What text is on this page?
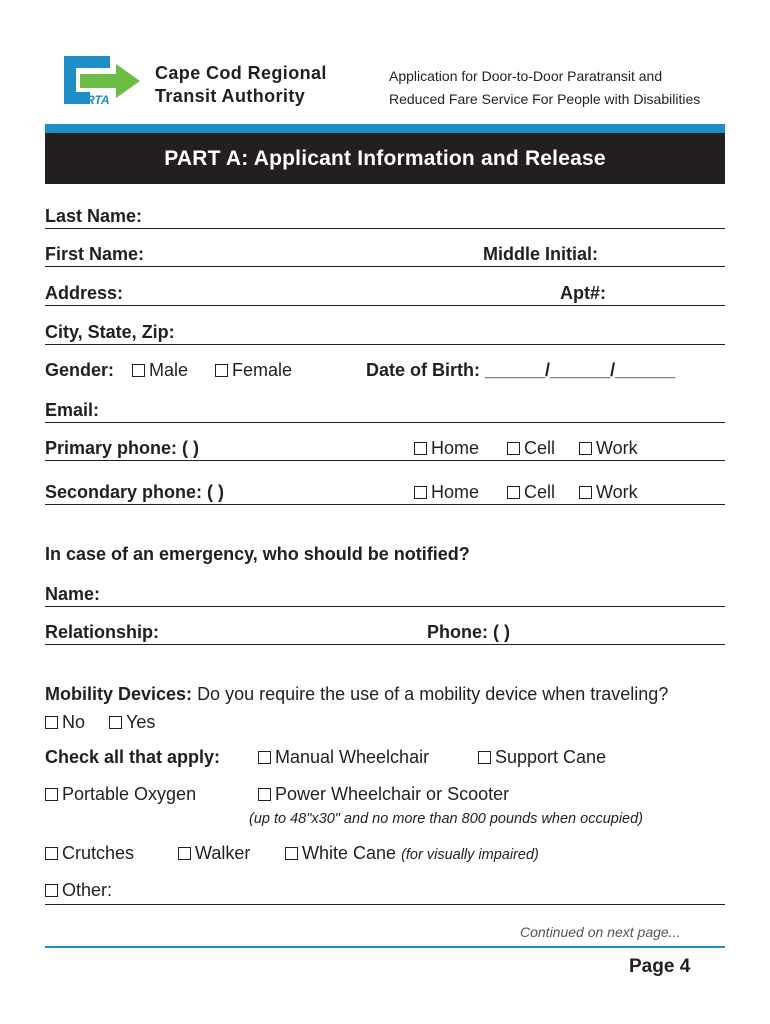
RTA
Cape Cod Regional
Transit Authority
Application for Door-to-Door Paratransit and
Reduced Fare Service For People with Disabilities
PART A: Applicant Information and Release
Last Name:
First Name:	Middle Initial:
Address:	Apt#:
City, State, Zip:
Gender:	Male	Female	Date of Birth: ______/______/______
Email:
Primary phone: ( )	Home	Cell	Work
Secondary phone: ( )	Home	Cell	Work
In case of an emergency, who should be notified?
Name:
Relationship:	Phone: ( )
Mobility Devices: Do you require the use of a mobility device when traveling?
No	Yes
Check all that apply:	Manual Wheelchair	Support Cane
Portable Oxygen	Power Wheelchair or Scooter
(up to 48"x30" and no more than 800 pounds when occupied)
Crutches	Walker	White Cane (for visually impaired)
Other:
Continued on next page...
Page 4
